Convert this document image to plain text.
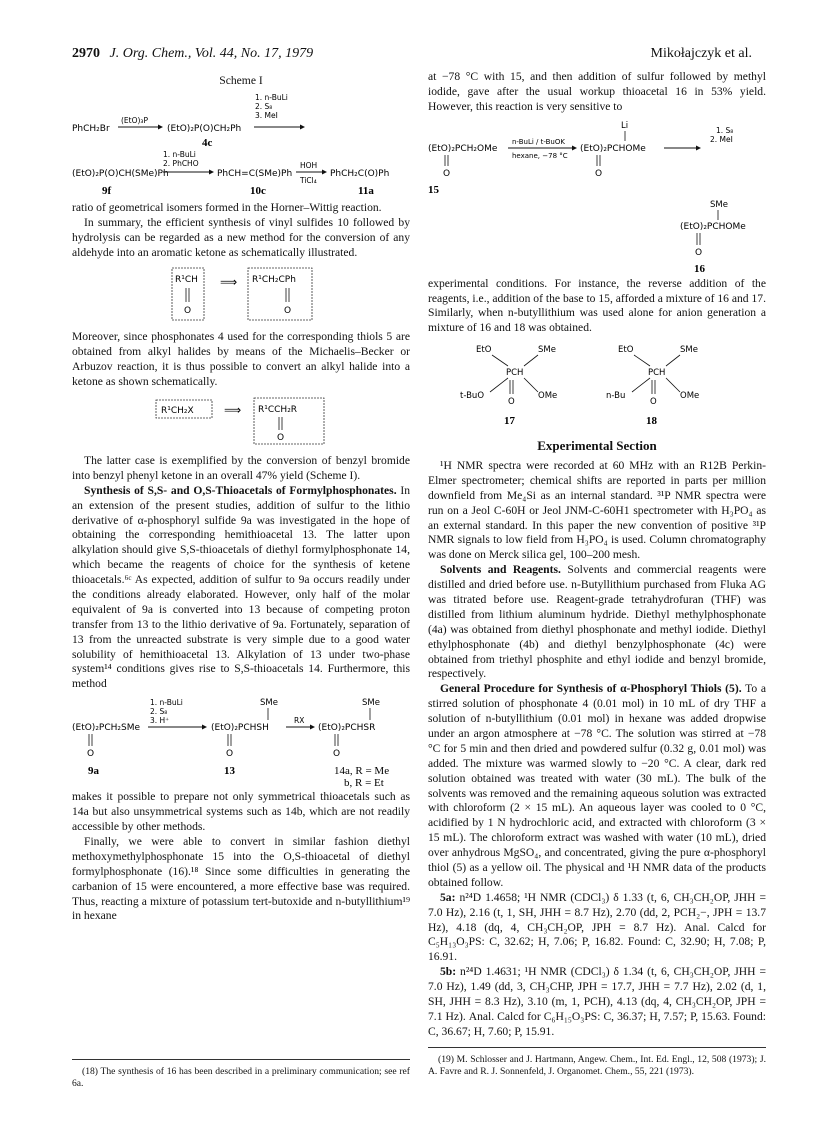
2970 J. Org. Chem., Vol. 44, No. 17, 1979	Mikołajczyk et al.
Scheme I
1. n-BuLi
2. S₈
3. MeI
PhCH₂Br
(EtO)₃P
(EtO)₂P(O)CH₂Ph
4c
1. n-BuLi
2. PhCHO
(EtO)₂P(O)CH(SMe)Ph	PhCH=C(SMe)Ph
HOH
TiCl₄
PhCH₂C(O)Ph
9f	10c	11a

ratio of geometrical isomers formed in the Horner–Wittig reaction.

In summary, the efficient synthesis of vinyl sulfides 10 followed by hydrolysis can be regarded as a new method for the conversion of any aldehyde into an aromatic ketone as schematically illustrated.

R¹CH
O
⟹ R¹CH₂CPh
O

Moreover, since phosphonates 4 used for the corresponding thiols 5 are obtained from alkyl halides by means of the Michaelis–Becker or Arbuzov reaction, it is thus possible to convert an alkyl halide into a ketone as shown schematically.

R¹CH₂X	⟹ R¹CCH₂R
O

The latter case is exemplified by the conversion of benzyl bromide into benzyl phenyl ketone in an overall 47% yield (Scheme I).

Synthesis of S,S- and O,S-Thioacetals of Formylphosphonates. In an extension of the present studies, addition of sulfur to the lithio derivative of α-phosphoryl sulfide 9a was investigated in the hope of obtaining the corresponding hemithioacetal 13. The latter upon alkylation should give S,S-thioacetals of diethyl formylphosphonate 14, which became the reagents of choice for the synthesis of ketene thioacetals.⁶ᶜ As expected, addition of sulfur to 9a occurs readily under the conditions already elaborated. However, only half of the molar equivalent of 9a is converted into 13 because of competing proton transfer from 13 to the lithio derivative of 9a. Fortunately, separation of 13 from the unreacted substrate is very simple due to a good water solubility of hemithioacetal 13. Alkylation of 13 under two-phase system¹⁴ conditions gives rise to S,S-thioacetals 14. Furthermore, this method

1. n-BuLi
2. S₈
3. H⁺
SMe	SMe
(EtO)₂PCH₂SMe
O
(EtO)₂PCHSH
O
RX
(EtO)₂PCHSR
O
9a	13	14a, R = Me
b, R = Et

makes it possible to prepare not only symmetrical thioacetals such as 14a but also unsymmetrical systems such as 14b, which are not readily accessible by other methods.

Finally, we were able to convert in similar fashion diethyl methoxymethylphosphonate 15 into the O,S-thioacetal of diethyl formylphosphonate (16).¹⁸ Since some difficulties in generating the carbanion of 15 were encountered, a more effective base was required. Thus, reacting a mixture of potassium tert-butoxide and n-butyllithium¹⁹ in hexane

(18) The synthesis of 16 has been described in a preliminary communication; see ref 6a.

at −78 °C with 15, and then addition of sulfur followed by methyl iodide, gave after the usual workup thioacetal 16 in 53% yield. However, this reaction is very sensitive to

Li	1. S₈
2. MeI
(EtO)₂PCH₂OMe
O
n-BuLi / t-BuOK
hexane, −78 °C
(EtO)₂PCHOMe
O
15
SMe
(EtO)₂PCHOMe
O
16

experimental conditions. For instance, the reverse addition of the reagents, i.e., addition of the base to 15, afforded a mixture of 16 and 17. Similarly, when n-butyllithium was used alone for anion generation a mixture of 16 and 18 was obtained.

EtO	SMe
PCH
t-BuO
O
OMe
17
EtO	SMe
PCH
n-Bu
O
OMe
18
Experimental Section

¹H NMR spectra were recorded at 60 MHz with an R12B Perkin-Elmer spectrometer; chemical shifts are reported in parts per million downfield from Me₄Si as an internal standard. ³¹P NMR spectra were run on a Jeol C-60H or Jeol JNM-C-60H1 spectrometer with H₃PO₄ as an external standard. In this paper the new convention of positive ³¹P NMR signals to low field from H₃PO₄ is used. Column chromatography was done on Merck silica gel, 100–200 mesh.

Solvents and Reagents. Solvents and commercial reagents were distilled and dried before use. n-Butyllithium purchased from Fluka AG was titrated before use. Reagent-grade tetrahydrofuran (THF) was distilled from lithium aluminum hydride. Diethyl methylphosphonate (4a) was obtained from diethyl phosphonate and methyl iodide. Diethyl ethylphosphonate (4b) and diethyl benzylphosphonate (4c) were obtained from triethyl phosphite and ethyl iodide and benzyl bromide, respectively.

General Procedure for Synthesis of α-Phosphoryl Thiols (5). To a stirred solution of phosphonate 4 (0.01 mol) in 10 mL of dry THF a solution of n-butyllithium (0.01 mol) in hexane was added dropwise under an argon atmosphere at −78 °C. The solution was stirred at −78 °C for 5 min and then dried and powdered sulfur (0.32 g, 0.01 mol) was added. The mixture was warmed slowly to −20 °C. A clear, dark red solution obtained was treated with water (30 mL). The bulk of the solvents was removed and the remaining aqueous solution was extracted with chloroform (2 × 15 mL). An aqueous layer was cooled to 0 °C, acidified by 1 N hydrochloric acid, and extracted with chloroform (3 × 15 mL). The chloroform extract was washed with water (10 mL), dried over anhydrous MgSO₄, and concentrated, giving the pure α-phosphoryl thiol (5) as a yellow oil. The physical and ¹H NMR data of the products obtained follow.

5a: n²⁴D 1.4658; ¹H NMR (CDCl₃) δ 1.33 (t, 6, CH₃CH₂OP, JHH = 7.0 Hz), 2.16 (t, 1, SH, JHH = 8.7 Hz), 2.70 (dd, 2, PCH₂−, JPH = 13.7 Hz), 4.18 (dq, 4, CH₃CH₂OP, JPH = 8.7 Hz). Anal. Calcd for C₅H₁₃O₃PS: C, 32.62; H, 7.06; P, 16.82. Found: C, 32.90; H, 7.08; P, 16.91.

5b: n²⁴D 1.4631; ¹H NMR (CDCl₃) δ 1.34 (t, 6, CH₃CH₂OP, JHH = 7.0 Hz), 1.49 (dd, 3, CH₃CHP, JPH = 17.7, JHH = 7.7 Hz), 2.02 (d, 1, SH, JHH = 8.3 Hz), 3.10 (m, 1, PCH), 4.13 (dq, 4, CH₃CH₂OP, JPH = 7.1 Hz). Anal. Calcd for C₆H₁₅O₃PS: C, 36.37; H, 7.57; P, 15.63. Found: C, 36.67; H, 7.60; P, 15.91.

(19) M. Schlosser and J. Hartmann, Angew. Chem., Int. Ed. Engl., 12, 508 (1973); J. A. Favre and R. J. Sonnenfeld, J. Organomet. Chem., 55, 221 (1973).
